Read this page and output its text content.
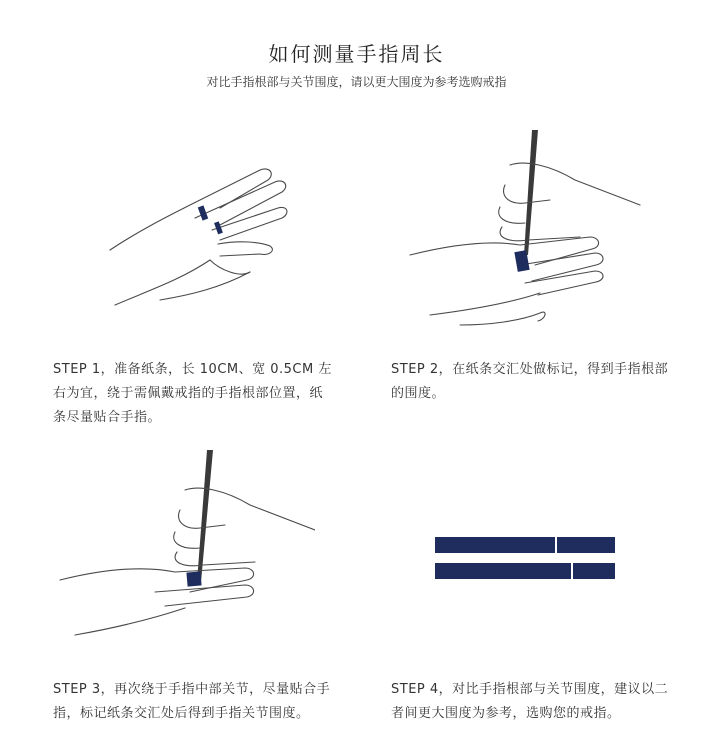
如何测量手指周长
对比手指根部与关节围度，请以更大围度为参考选购戒指
STEP 1，准备纸条，长 10CM、宽 0.5CM 左右为宜，绕于需佩戴戒指的手指根部位置，纸条尽量贴合手指。
STEP 2，在纸条交汇处做标记，得到手指根部的围度。
STEP 3，再次绕于手指中部关节，尽量贴合手指，标记纸条交汇处后得到手指关节围度。
STEP 4，对比手指根部与关节围度，建议以二者间更大围度为参考，选购您的戒指。
